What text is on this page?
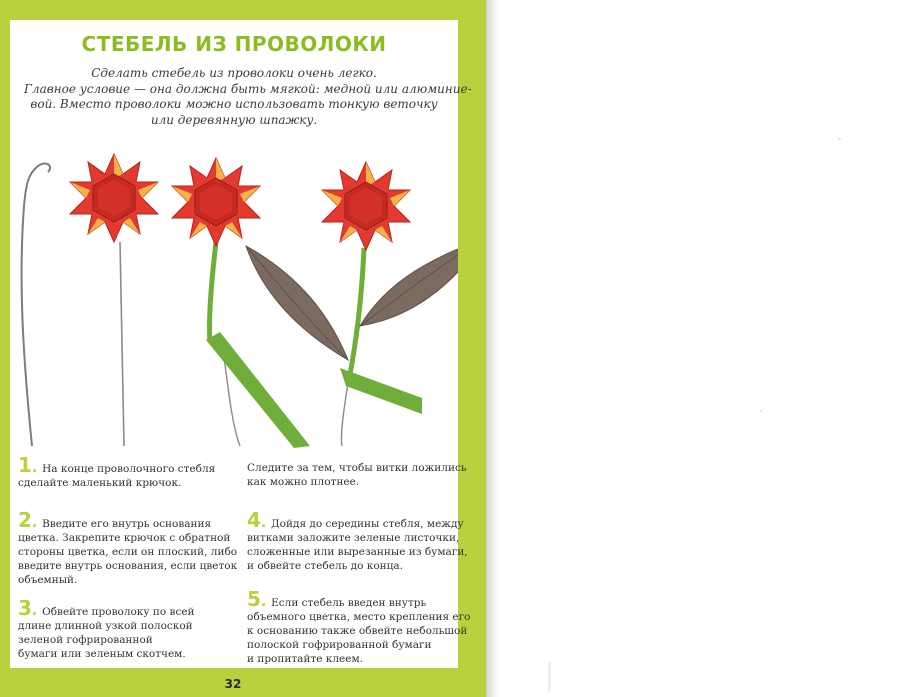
СТЕБЕЛЬ ИЗ ПРОВОЛОКИ
Сделать стебель из проволоки очень легко.
Главное условие — она должна быть мягкой: медной или алюминие-
вой. Вместо проволоки можно использовать тонкую веточку
или деревянную шпажку.
1. На конце проволочного стебля
сделайте маленький крючок.
2. Введите его внутрь основания
цветка. Закрепите крючок с обратной
стороны цветка, если он плоский, либо
введите внутрь основания, если цветок
объемный.
3. Обвейте проволоку по всей
длине длинной узкой полоской
зеленой гофрированной
бумаги или зеленым скотчем.
Следите за тем, чтобы витки ложились
как можно плотнее.
4. Дойдя до середины стебля, между
витками заложите зеленые листочки,
сложенные или вырезанные из бумаги,
и обвейте стебель до конца.
5. Если стебель введен внутрь
объемного цветка, место крепления его
к основанию также обвейте небольшой
полоской гофрированной бумаги
и пропитайте клеем.
32
